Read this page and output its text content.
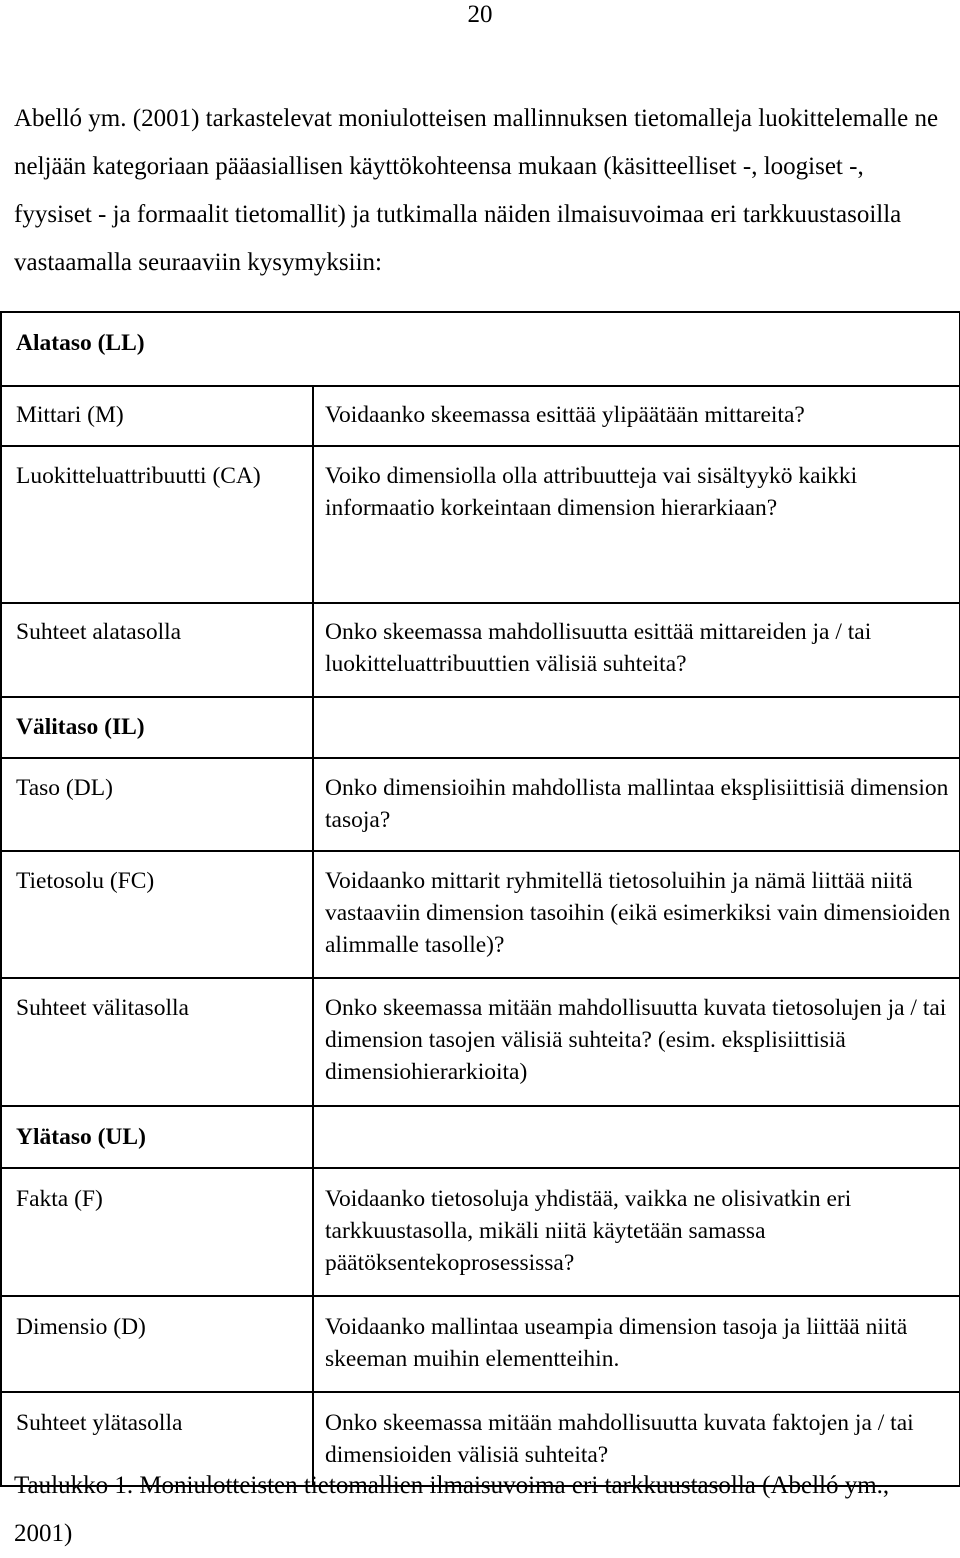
20

Abelló ym. (2001) tarkastelevat moniulotteisen mallinnuksen tietomalleja luokittelemalle ne neljään kategoriaan pääasiallisen käyttökohteensa mukaan (käsitteelliset -, loogiset -, fyysiset - ja formaalit tietomallit) ja tutkimalla näiden ilmaisuvoimaa eri tarkkuustasoilla vastaamalla seuraaviin kysymyksiin:

Alataso (LL)	
Mittari (M)	Voidaanko skeemassa esittää ylipäätään mittareita?
Luokitteluattribuutti (CA)	Voiko dimensiolla olla attribuutteja vai sisältyykö kaikki informaatio korkeintaan dimension hierarkiaan?
Suhteet alatasolla	Onko skeemassa mahdollisuutta esittää mittareiden ja / tai luokitteluattribuuttien välisiä suhteita?
Välitaso (IL)	
Taso (DL)	Onko dimensioihin mahdollista mallintaa eksplisiittisiä dimension tasoja?
Tietosolu (FC)	Voidaanko mittarit ryhmitellä tietosoluihin ja nämä liittää niitä vastaaviin dimension tasoihin (eikä esimerkiksi vain dimensioiden alimmalle tasolle)?
Suhteet välitasolla	Onko skeemassa mitään mahdollisuutta kuvata tietosolujen ja / tai dimension tasojen välisiä suhteita? (esim. eksplisiittisiä dimensiohierarkioita)
Ylätaso (UL)	
Fakta (F)	Voidaanko tietosoluja yhdistää, vaikka ne olisivatkin eri tarkkuustasolla, mikäli niitä käytetään samassa päätöksentekoprosessissa?
Dimensio (D)	Voidaanko mallintaa useampia dimension tasoja ja liittää niitä skeeman muihin elementteihin.
Suhteet ylätasolla	Onko skeemassa mitään mahdollisuutta kuvata faktojen ja / tai dimensioiden välisiä suhteita?

Taulukko 1. Moniulotteisten tietomallien ilmaisuvoima eri tarkkuustasolla (Abelló ym., 2001)
